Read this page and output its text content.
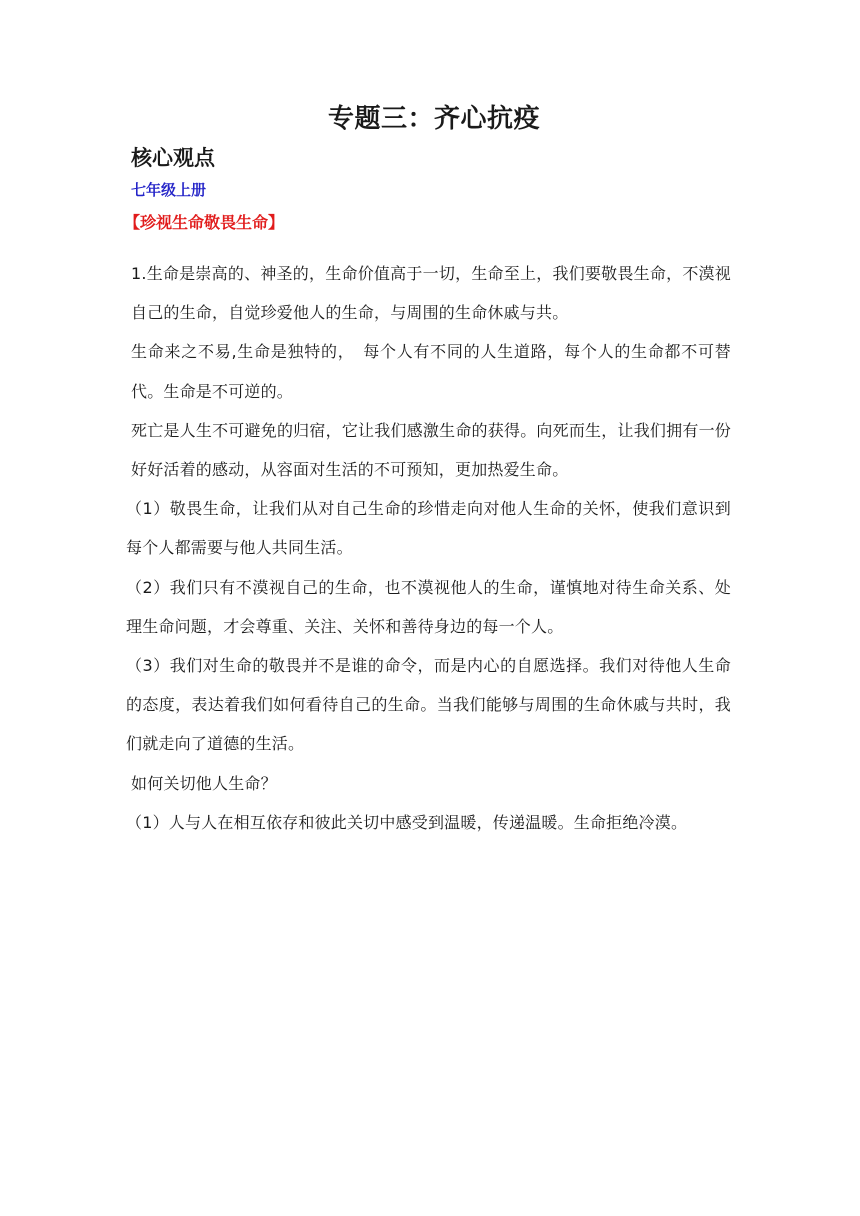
专题三：齐心抗疫
核心观点
七年级上册
【珍视生命敬畏生命】

1.生命是崇高的、神圣的，生命价值高于一切，生命至上，我们要敬畏生命，不漠视自己的生命，自觉珍爱他人的生命，与周围的生命休戚与共。

生命来之不易,生命是独特的，　每个人有不同的人生道路，每个人的生命都不可替代。生命是不可逆的。

死亡是人生不可避免的归宿，它让我们感激生命的获得。向死而生，让我们拥有一份好好活着的感动，从容面对生活的不可预知，更加热爱生命。

（1）敬畏生命，让我们从对自己生命的珍惜走向对他人生命的关怀，使我们意识到每个人都需要与他人共同生活。

（2）我们只有不漠视自己的生命，也不漠视他人的生命，谨慎地对待生命关系、处理生命问题，才会尊重、关注、关怀和善待身边的每一个人。

（3）我们对生命的敬畏并不是谁的命令，而是内心的自愿选择。我们对待他人生命的态度，表达着我们如何看待自己的生命。当我们能够与周围的生命休戚与共时，我们就走向了道德的生活。

如何关切他人生命？

（1）人与人在相互依存和彼此关切中感受到温暖，传递温暖。生命拒绝冷漠。
